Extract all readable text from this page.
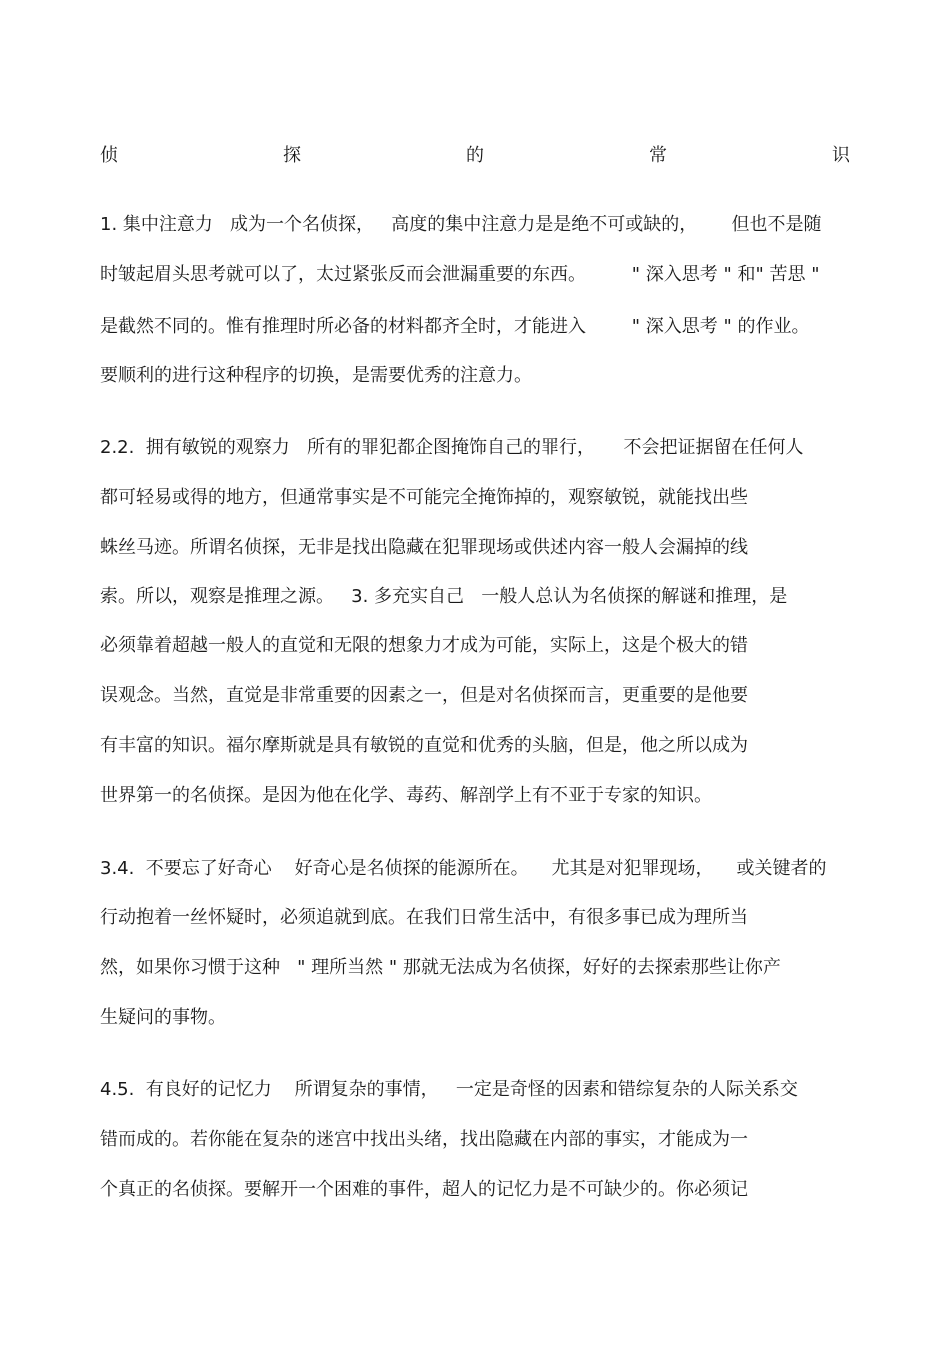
侦	探	的	常	识
1. 集中注意力   成为一个名侦探，   高度的集中注意力是是绝不可或缺的，      但也不是随
时皱起眉头思考就可以了，太过紧张反而会泄漏重要的东西。        " 深入思考 " 和" 苦思 "
是截然不同的。惟有推理时所必备的材料都齐全时，才能进入        " 深入思考 " 的作业。
要顺利的进行这种程序的切换，是需要优秀的注意力。
2.2.  拥有敏锐的观察力   所有的罪犯都企图掩饰自己的罪行，     不会把证据留在任何人
都可轻易或得的地方，但通常事实是不可能完全掩饰掉的，观察敏锐，就能找出些
蛛丝马迹。所谓名侦探，无非是找出隐藏在犯罪现场或供述内容一般人会漏掉的线
索。所以，观察是推理之源。   3. 多充实自己   一般人总认为名侦探的解谜和推理，是
必须靠着超越一般人的直觉和无限的想象力才成为可能，实际上，这是个极大的错
误观念。当然，直觉是非常重要的因素之一，但是对名侦探而言，更重要的是他要
有丰富的知识。福尔摩斯就是具有敏锐的直觉和优秀的头脑，但是，他之所以成为
世界第一的名侦探。是因为他在化学、毒药、解剖学上有不亚于专家的知识。
3.4.  不要忘了好奇心    好奇心是名侦探的能源所在。    尤其是对犯罪现场，    或关键者的
行动抱着一丝怀疑时，必须追就到底。在我们日常生活中，有很多事已成为理所当
然，如果你习惯于这种   " 理所当然 " 那就无法成为名侦探，好好的去探索那些让你产
生疑问的事物。
4.5.  有良好的记忆力    所谓复杂的事情，   一定是奇怪的因素和错综复杂的人际关系交
错而成的。若你能在复杂的迷宫中找出头绪，找出隐藏在内部的事实，才能成为一
个真正的名侦探。要解开一个困难的事件，超人的记忆力是不可缺少的。你必须记
